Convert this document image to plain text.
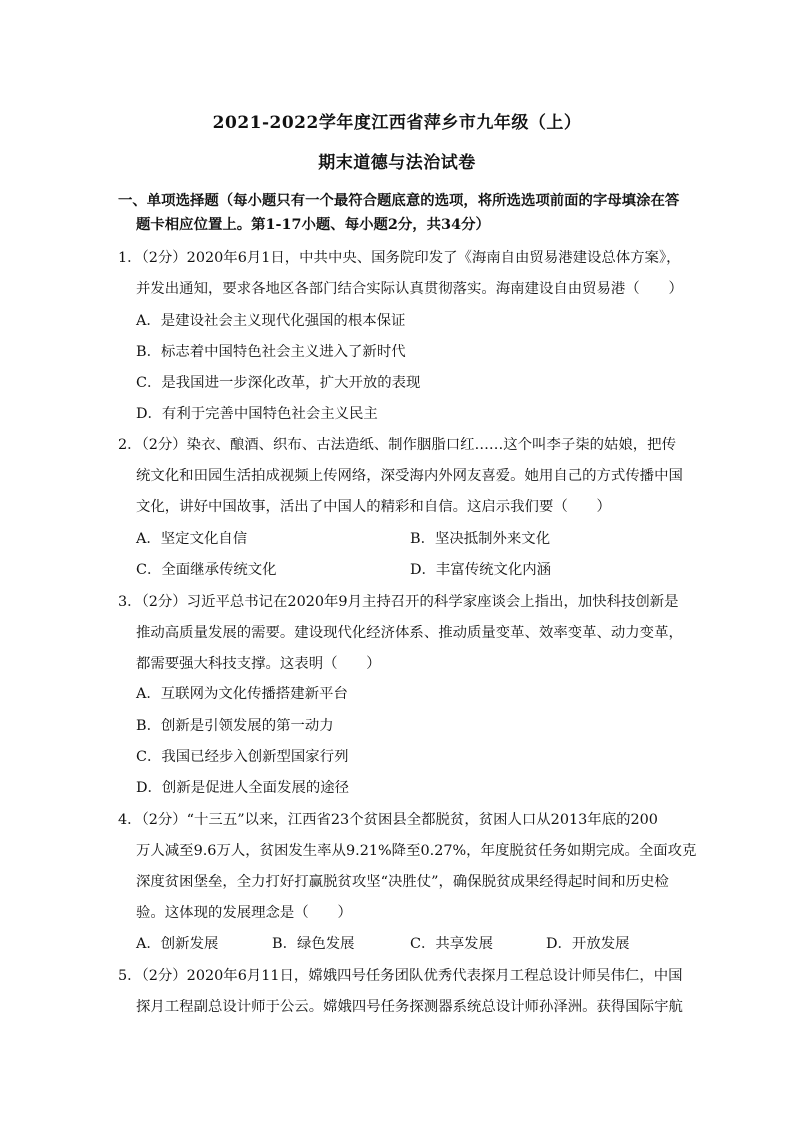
2021-2022学年度江西省萍乡市九年级（上）
期末道德与法治试卷
一、单项选择题（每小题只有一个最符合题底意的选项，将所选选项前面的字母填涂在答
题卡相应位置上。第1-17小题、每小题2分，共34分）
1．（2分）2020年6月1日，中共中央、国务院印发了《海南自由贸易港建设总体方案》，
并发出通知，要求各地区各部门结合实际认真贯彻落实。海南建设自由贸易港（　　）
A．是建设社会主义现代化强国的根本保证
B．标志着中国特色社会主义进入了新时代
C．是我国进一步深化改革，扩大开放的表现
D．有利于完善中国特色社会主义民主
2．（2分）染衣、酿酒、织布、古法造纸、制作胭脂口红……这个叫李子柒的姑娘，把传
统文化和田园生活拍成视频上传网络，深受海内外网友喜爱。她用自己的方式传播中国
文化，讲好中国故事，活出了中国人的精彩和自信。这启示我们要（　　）
A．坚定文化自信	B．坚决抵制外来文化
C．全面继承传统文化	D．丰富传统文化内涵
3．（2分）习近平总书记在2020年9月主持召开的科学家座谈会上指出，加快科技创新是
推动高质量发展的需要。建设现代化经济体系、推动质量变革、效率变革、动力变革，
都需要强大科技支撑。这表明（　　）
A．互联网为文化传播搭建新平台
B．创新是引领发展的第一动力
C．我国已经步入创新型国家行列
D．创新是促进人全面发展的途径
4．（2分）“十三五”以来，江西省23个贫困县全都脱贫，贫困人口从2013年底的200
万人减至9.6万人，贫困发生率从9.21%降至0.27%，年度脱贫任务如期完成。全面攻克
深度贫困堡垒，全力打好打赢脱贫攻坚“决胜仗”，确保脱贫成果经得起时间和历史检
验。这体现的发展理念是（　　）
A．创新发展	B．绿色发展	C．共享发展	D．开放发展
5．（2分）2020年6月11日，嫦娥四号任务团队优秀代表探月工程总设计师吴伟仁，中国
探月工程副总设计师于公云。嫦娥四号任务探测器系统总设计师孙泽洲。获得国际宇航
